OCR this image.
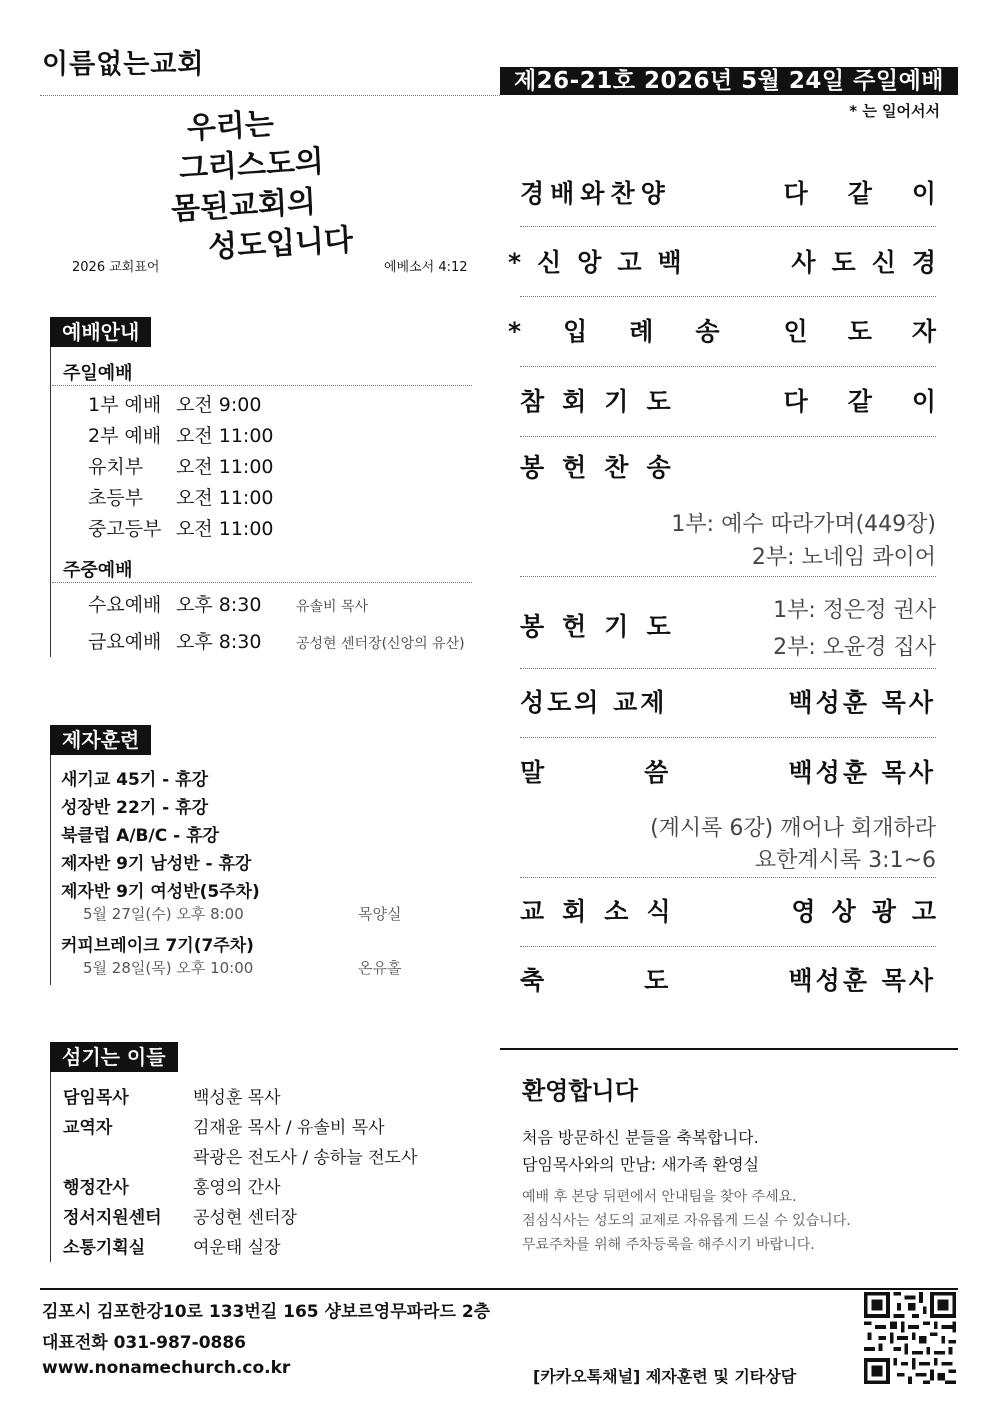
이름없는교회
제26-21호 2026년 5월 24일 주일예배
* 는 일어서서
우리는
그리스도의
몸된교회의
성도입니다
2026 교회표어	에베소서 4:12
예배안내
주일예배
1부 예배 오전 9:00
2부 예배 오전 11:00
유치부	오전 11:00
초등부	오전 11:00
중고등부 오전 11:00
주중예배
수요예배 오후 8:30	유솔비 목사
금요예배 오후 8:30	공성현 센터장(신앙의 유산)
제자훈련
새기교 45기 - 휴강
성장반 22기 - 휴강
북클럽 A/B/C - 휴강
제자반 9기 남성반 - 휴강
제자반 9기 여성반(5주차)
5월 27일(수) 오후 8:00	목양실
커피브레이크 7기(7주차)
5월 28일(목) 오후 10:00	온유홀
섬기는 이들
담임목사	백성훈 목사
교역자	김재윤 목사 / 유솔비 목사
곽광은 전도사 / 송하늘 전도사
행정간사	홍영의 간사
정서지원센터	공성현 센터장
소통기획실	여운태 실장
경배와찬양	다같이
*신앙고백	사도신경
*입례송 인도자
참회기도	다같이
봉헌찬송
1부: 예수 따라가며(449장)
2부: 노네임 콰이어
봉헌기도
1부: 정은정 권사
2부: 오윤경 집사
성도의 교제	백성훈 목사
말씀 백성훈 목사
(계시록 6강) 깨어나 회개하라
요한계시록 3:1~6
교회소식	영상광고
축도 백성훈 목사
환영합니다
처음 방문하신 분들을 축복합니다.
담임목사와의 만남: 새가족 환영실
예배 후 본당 뒤편에서 안내팀을 찾아 주세요.
점심식사는 성도의 교제로 자유롭게 드실 수 있습니다.
무료주차를 위해 주차등록을 해주시기 바랍니다.
김포시 김포한강10로 133번길 165 샹보르영무파라드 2층
대표전화 031-987-0886
www.nonamechurch.co.kr	[카카오톡채널] 제자훈련 및 기타상담
